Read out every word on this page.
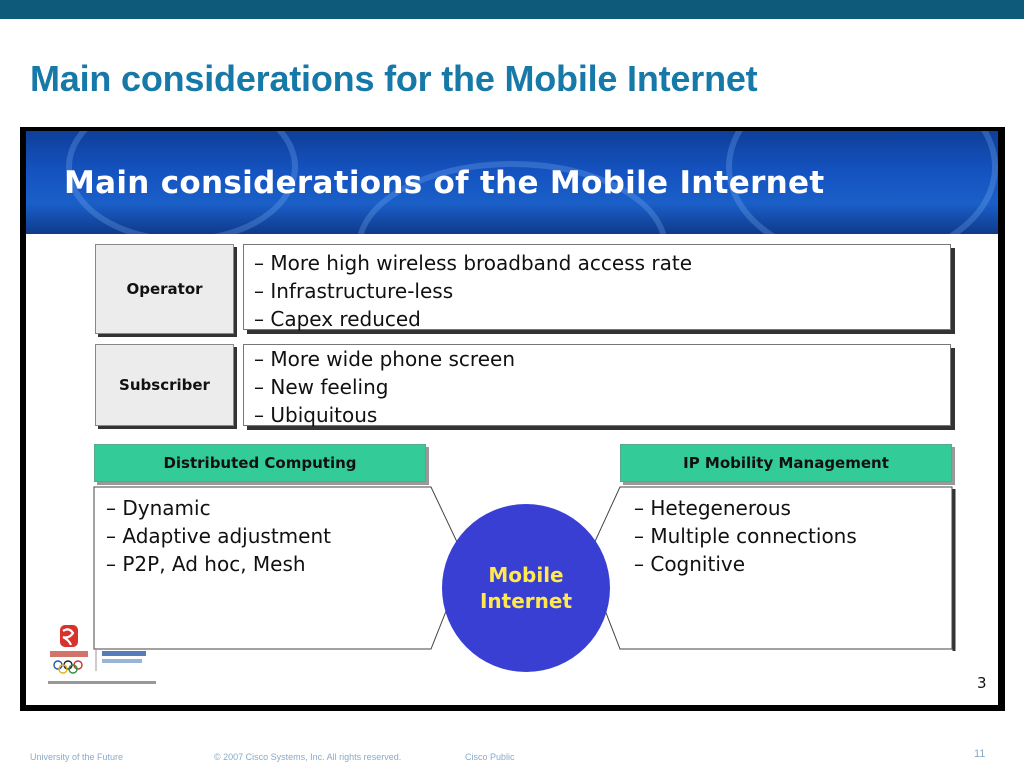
Main considerations for the Mobile Internet
Main considerations of the Mobile Internet
Operator
– More high wireless broadband access rate
– Infrastructure-less
– Capex reduced
Subscriber
– More wide phone screen
– New feeling
– Ubiquitous
Distributed Computing	IP Mobility Management
– Dynamic
– Adaptive adjustment
– P2P, Ad hoc, Mesh
– Hetegenerous
– Multiple connections
– Cognitive
Mobile
Internet
3
University of the Future	© 2007 Cisco Systems, Inc. All rights reserved.	Cisco Public	11
